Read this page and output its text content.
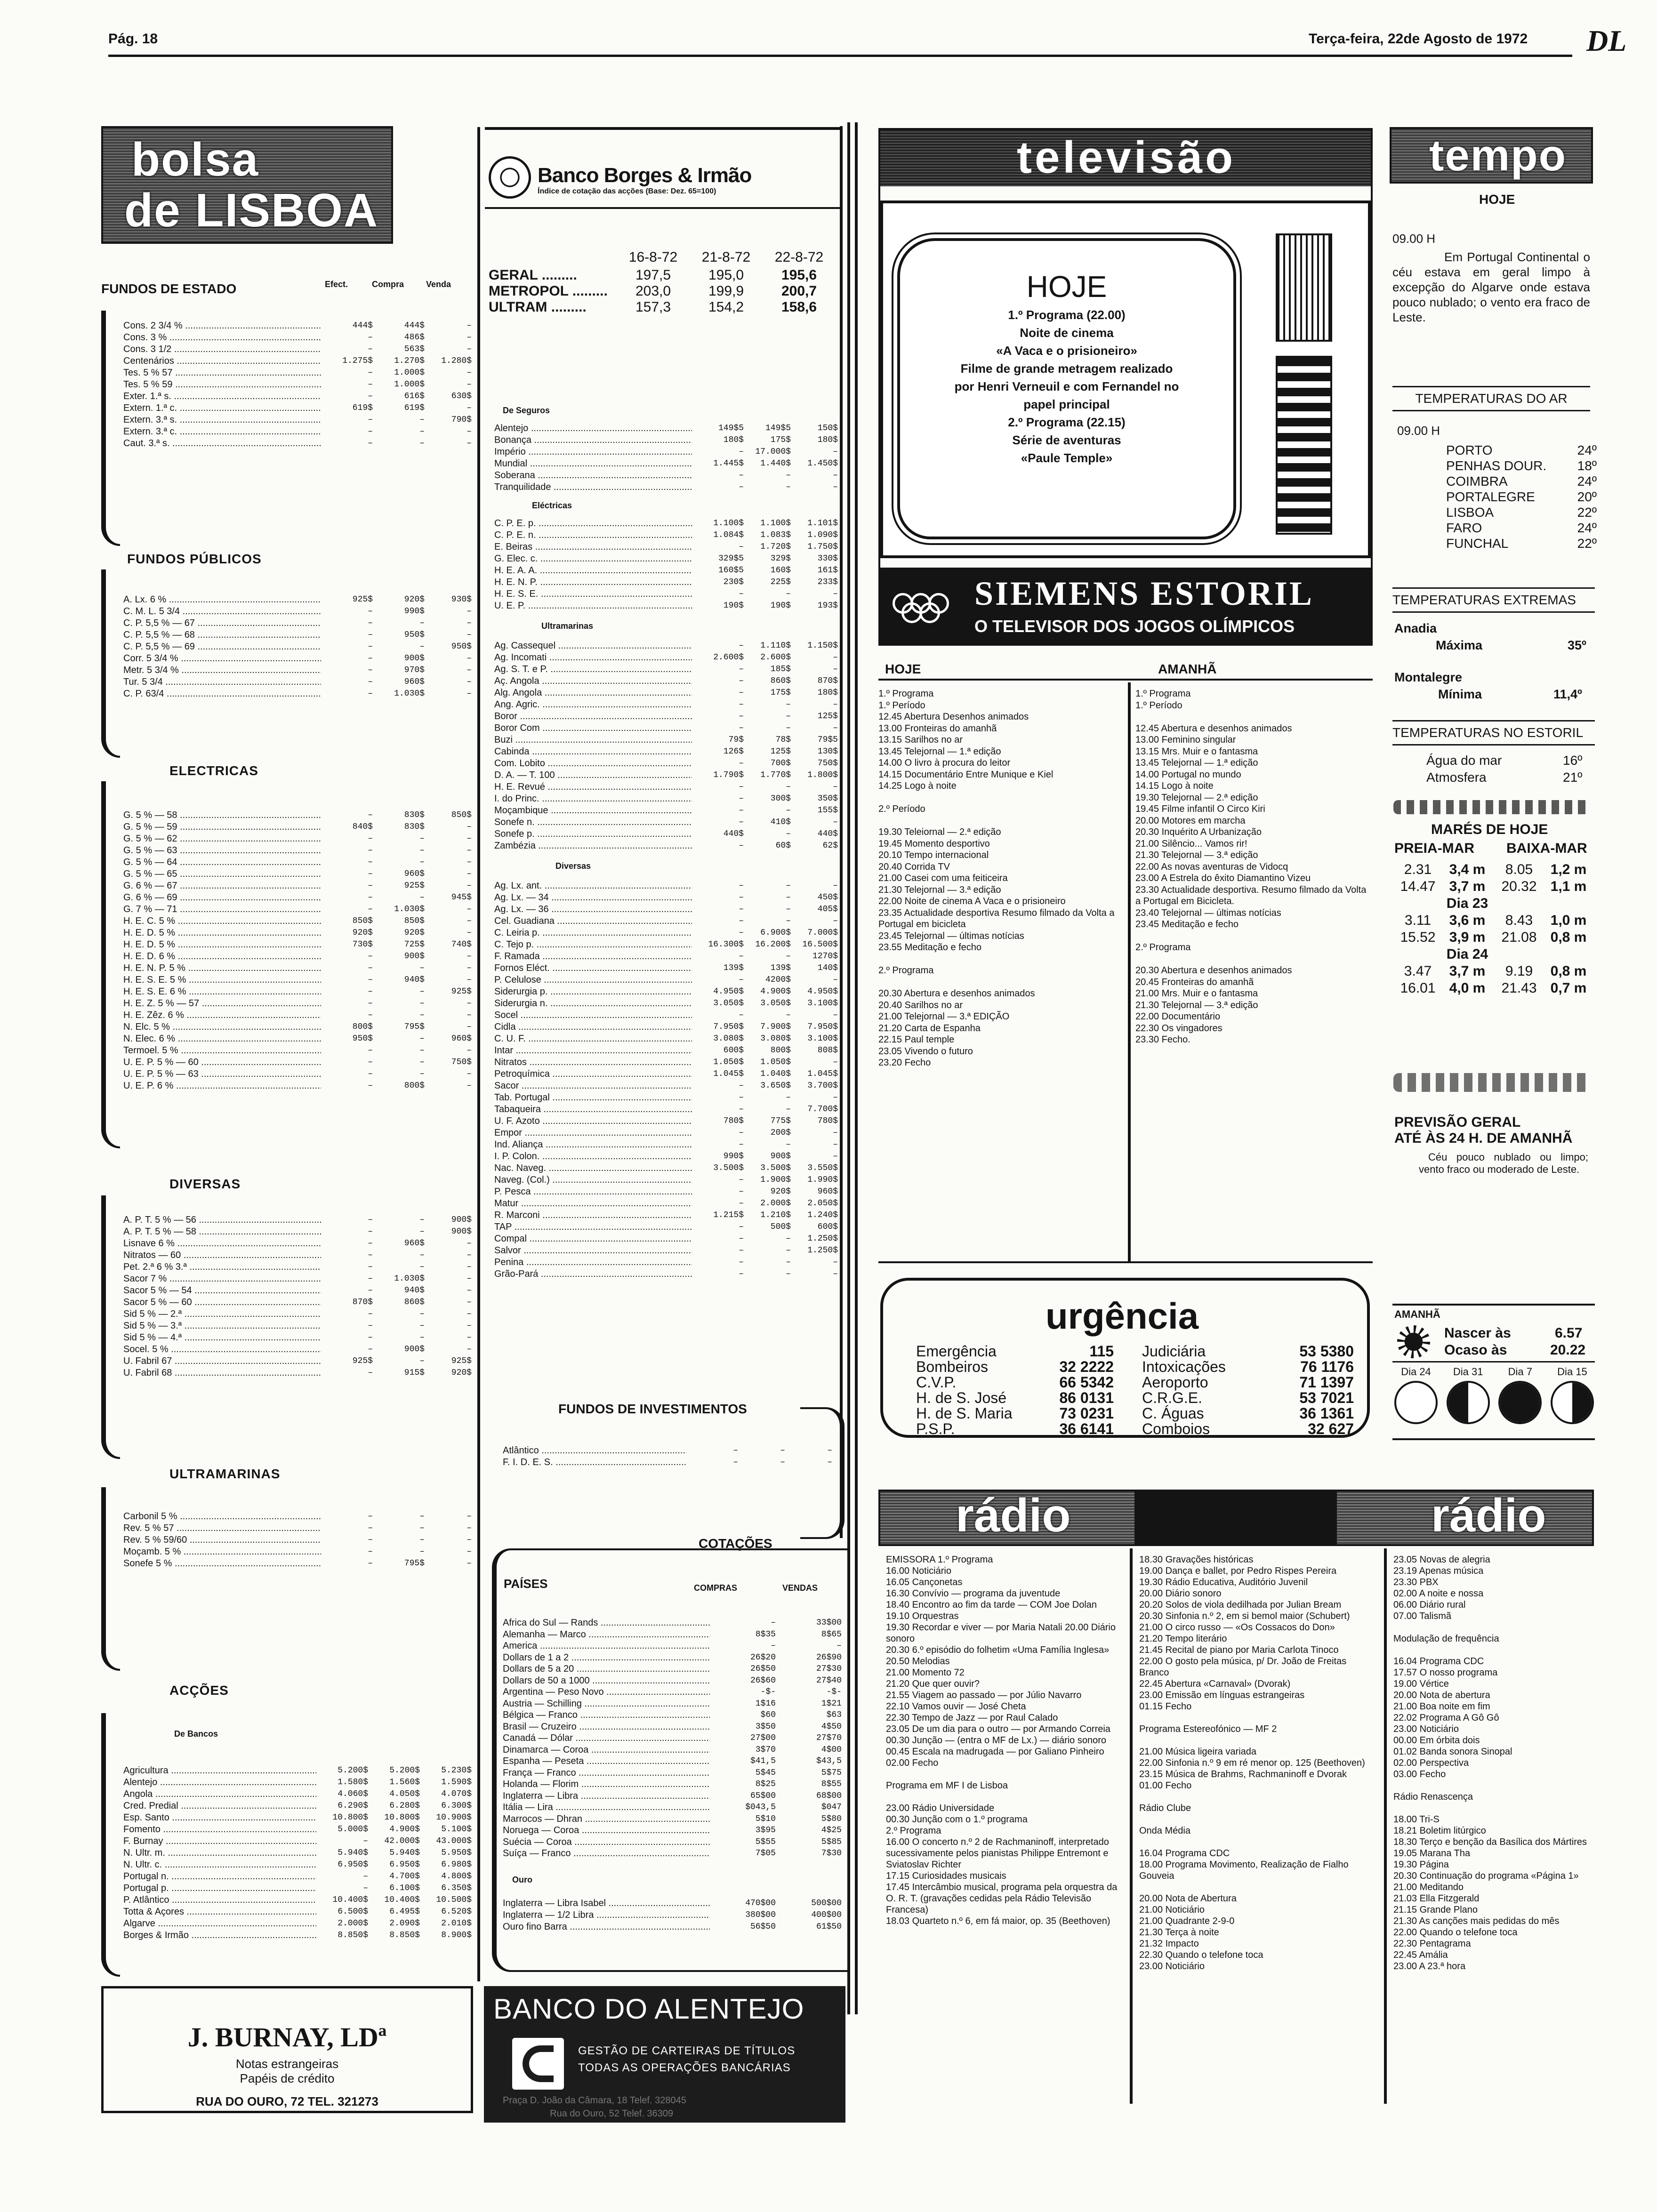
Pág. 18	Terça-feira, 22de Agosto de 1972 DL
bolsa
de LISBOA
FUNDOS DE ESTADO	Efect.	Compra	Venda
Cons. 2 3/4 % .....	444$	444$	–
Cons. 3 % .....	–	486$	–
Cons. 3 1/2 .....	–	563$	–
Centenários .....	1.275$	1.270$	1.280$
Tes. 5 % 57 .....	–	1.000$	–
Tes. 5 % 59 .....	–	1.000$	–
Exter. 1.ª s. .....	–	616$	630$
Extern. 1.ª c. .....	619$	619$	–
Extern. 3.ª s. .....	–	–	790$
Extern. 3.ª c. .....	–	–	–
Caut. 3.ª s. .....	–	–	–
FUNDOS PÚBLICOS
A. Lx. 6 % .....	925$	920$	930$
C. M. L. 5 3/4 .....	–	990$	–
C. P. 5,5 % — 67 .....	–	–	–
C. P. 5,5 % — 68 .....	–	950$	–
C. P. 5,5 % — 69 .....	–	–	950$
Corr. 5 3/4 % .....	–	900$	–
Metr. 5 3/4 % .....	–	970$	–
Tur. 5 3/4 .....	–	960$	–
C. P. 63/4 .....	–	1.030$	–
ELECTRICAS
G. 5 % — 58 .....	–	830$	850$
G. 5 % — 59 .....	840$	830$	–
G. 5 % — 62 .....	–	–	–
G. 5 % — 63 .....	–	–	–
G. 5 % — 64 .....	–	–	–
G. 5 % — 65 .....	–	960$	–
G. 6 % — 67 .....	–	925$	–
G. 6 % — 69 .....	–	–	945$
G. 7 % — 71 .....	–	1.030$	–
H. E. C. 5 % .....	850$	850$	–
H. E. D. 5 % .....	920$	920$	–
H. E. D. 5 % .....	730$	725$	740$
H. E. D. 6 % .....	–	900$	–
H. E. N. P. 5 % .....	–	–	–
H. E. S. E. 5 % .....	–	940$	–
H. E. S. E. 6 % .....	–	–	925$
H. E. Z. 5 % — 57 .....	–	–	–
H. E. Zêz. 6 % .....	–	–	–
N. Elc. 5 % .....	800$	795$	–
N. Elec. 6 % .....	950$	–	960$
Termoel. 5 % .....	–	–	–
U. E. P. 5 % — 60 .....	–	–	750$
U. E. P. 5 % — 63 .....	–	–	–
U. E. P. 6 % .....	–	800$	–
DIVERSAS
A. P. T. 5 % — 56 .....	–	–	900$
A. P. T. 5 % — 58 .....	–	–	900$
Lisnave 6 % .....	–	960$	–
Nitratos — 60 .....	–	–	–
Pet. 2.ª 6 % 3.ª .....	–	–	–
Sacor 7 % .....	–	1.030$	–
Sacor 5 % — 54 .....	–	940$	–
Sacor 5 % — 60 .....	870$	860$	–
Sid 5 % — 2.ª .....	–	–	–
Sid 5 % — 3.ª .....	–	–	–
Sid 5 % — 4.ª .....	–	–	–
Socel. 5 % .....	–	900$	–
U. Fabril 67 .....	925$	–	925$
U. Fabril 68 .....	–	915$	920$
ULTRAMARINAS
Carbonil 5 % .....	–	–	–
Rev. 5 % 57 .....	–	–	–
Rev. 5 % 59/60 .....	–	–	–
Moçamb. 5 % .....	–	–	–
Sonefe 5 % .....	–	795$	–
ACÇÕES
De Bancos
Agricultura .....	5.200$	5.200$	5.230$
Alentejo .....	1.580$	1.560$	1.590$
Angola .....	4.060$	4.050$	4.070$
Cred. Predial .....	6.290$	6.280$	6.300$
Esp. Santo .....	10.800$	10.800$	10.900$
Fomento .....	5.000$	4.900$	5.100$
F. Burnay .....	–	42.000$	43.000$
N. Ultr. m. .....	5.940$	5.940$	5.950$
N. Ultr. c. .....	6.950$	6.950$	6.980$
Portugal n. .....	–	4.700$	4.800$
Portugal p. .....	–	6.100$	6.350$
P. Atlântico .....	10.400$	10.400$	10.500$
Totta & Açores .....	6.500$	6.495$	6.520$
Algarve .....	2.000$	2.090$	2.010$
Borges & Irmão .....	8.850$	8.850$	8.900$
Banco Borges & Irmão
Índice de cotação das acções (Base: Dez. 65=100)
16-8-72	21-8-72	22-8-72
GERAL .........	197,5	195,0	195,6
METROPOL .........	203,0	199,9	200,7
ULTRAM .........	157,3	154,2	158,6
De Seguros
Alentejo .....	149$5	149$5	150$
Bonança .....	180$	175$	180$
Império .....	–	17.000$	–
Mundial .....	1.445$	1.440$	1.450$
Soberana .....	–	–	–
Tranquilidade .....	–	–	–
Eléctricas
C. P. E. p. .....	1.100$	1.100$	1.101$
C. P. E. n. .....	1.084$	1.083$	1.090$
E. Beiras .....	–	1.720$	1.750$
G. Elec. c. .....	329$5	329$	330$
H. E. A. A. .....	160$5	160$	161$
H. E. N. P. .....	230$	225$	233$
H. E. S. E. .....	–	–	–
U. E. P. .....	190$	190$	193$
Ultramarinas
Ag. Cassequel .....	–	1.110$	1.150$
Ag. Incomati .....	2.600$	2.600$	–
Ag. S. T. e P. .....	–	185$	–
Aç. Angola .....	–	860$	870$
Alg. Angola .....	–	175$	180$
Ang. Agric. .....	–	–	–
Boror .....	–	–	125$
Boror Com .....	–	–	–
Buzi .....	79$	78$	79$5
Cabinda .....	126$	125$	130$
Com. Lobito .....	–	700$	750$
D. A. — T. 100 .....	1.790$	1.770$	1.800$
H. E. Revué .....	–	–	–
I. do Princ. .....	–	300$	350$
Moçambique .....	–	–	155$
Sonefe n. .....	–	410$	–
Sonefe p. .....	440$	–	440$
Zambézia .....	–	60$	62$
Diversas
Ag. Lx. ant. .....	–	–	–
Ag. Lx. — 34 .....	–	–	450$
Ag. Lx. — 36 .....	–	–	405$
Cel. Guadiana .....	–	–	–
C. Leiria p. .....	–	6.900$	7.000$
C. Tejo p. .....	16.300$	16.200$	16.500$
F. Ramada .....	–	–	1270$
Fornos Eléct. .....	139$	139$	140$
P. Celulose .....	–	4200$	–
Siderurgia p. .....	4.950$	4.900$	4.950$
Siderurgia n. .....	3.050$	3.050$	3.100$
Socel .....	–	–	–
Cidla .....	7.950$	7.900$	7.950$
C. U. F. .....	3.080$	3.080$	3.100$
Intar .....	600$	800$	808$
Nitratos .....	1.050$	1.050$	–
Petroquímica .....	1.045$	1.040$	1.045$
Sacor .....	–	3.650$	3.700$
Tab. Portugal .....	–	–	–
Tabaqueira .....	–	–	7.700$
U. F. Azoto .....	780$	775$	780$
Empor .....	–	200$	–
Ind. Aliança .....	–	–	–
I. P. Colon. .....	990$	900$	–
Nac. Naveg. .....	3.500$	3.500$	3.550$
Naveg. (Col.) .....	–	1.900$	1.990$
P. Pesca .....	–	920$	960$
Matur .....	–	2.000$	2.050$
R. Marconi .....	1.215$	1.210$	1.240$
TAP .....	–	500$	600$
Compal .....	–	–	1.250$
Salvor .....	–	–	1.250$
Penina .....	–	–	–
Grão-Pará .....	–	–	–
FUNDOS DE INVESTIMENTOS
Atlântico .....	–	–	–
F. I. D. E. S. .....	–	–	–
COTAÇÕES
PAÍSES	COMPRAS	VENDAS
Africa do Sul — Rands .....	–	33$00
Alemanha — Marco .....	8$35	8$65
America .....	–	–
Dollars de 1 a 2 .....	26$20	26$90
Dollars de 5 a 20 .....	26$50	27$30
Dollars de 50 a 1000 .....	26$60	27$40
Argentina — Peso Novo .....	-$-	-$-
Austria — Schilling .....	1$16	1$21
Bélgica — Franco .....	$60	$63
Brasil — Cruzeiro .....	3$50	4$50
Canadá — Dólar .....	27$00	27$70
Dinamarca — Coroa .....	3$70	4$00
Espanha — Peseta .....	$41,5	$43,5
França — Franco .....	5$45	5$75
Holanda — Florim .....	8$25	8$55
Inglaterra — Libra .....	65$00	68$00
Itália — Lira .....	$043,5	$047
Marrocos — Dhran .....	5$10	5$80
Noruega — Coroa .....	3$95	4$25
Suécia — Coroa .....	5$55	5$85
Suíça — Franco .....	7$05	7$30
Ouro
Inglaterra — Libra Isabel .....	470$00	500$00
Inglaterra — 1/2 Libra .....	380$00	400$00
Ouro fino Barra .....	56$50	61$50
J. BURNAY, LDª
Notas estrangeiras
Papéis de crédito
RUA DO OURO, 72 TEL. 321273
BANCO DO ALENTEJO
GESTÃO DE CARTEIRAS DE TÍTULOS
TODAS AS OPERAÇÕES BANCÁRIAS
Praça D. João da Câmara, 18 Telef. 328045
Rua do Ouro, 52 Telef. 36309
televisão
HOJE
1.º Programa (22.00)
Noite de cinema
«A Vaca e o prisioneiro»
Filme de grande metragem realizado
por Henri Verneuil e com Fernandel no
papel principal
2.º Programa (22.15)
Série de aventuras
«Paule Temple»
SIEMENS ESTORIL
O TELEVISOR DOS JOGOS OLÍMPICOS
HOJE	AMANHÃ
1.º Programa
1.º Período
12.45 Abertura Desenhos animados
13.00 Fronteiras do amanhã
13.15 Sarilhos no ar
13.45 Telejornal — 1.ª edição
14.00 O livro à procura do leitor
14.15 Documentário Entre Munique e Kiel
14.25 Logo à noite

2.º Período

19.30 Teleiornal — 2.ª edição
19.45 Momento desportivo
20.10 Tempo internacional
20.40 Corrida TV
21.00 Casei com uma feiticeira
21.30 Telejornal — 3.ª edição
22.00 Noite de cinema A Vaca e o prisioneiro
23.35 Actualidade desportiva Resumo filmado da Volta a Portugal em bicicleta
23.45 Telejornal — últimas notícias
23.55 Meditação e fecho

2.º Programa

20.30 Abertura e desenhos animados
20.40 Sarilhos no ar
21.00 Telejornal — 3.ª EDIÇÃO
21.20 Carta de Espanha
22.15 Paul temple
23.05 Vivendo o futuro
23.20 Fecho
1.º Programa
1.º Período

12.45 Abertura e desenhos animados
13.00 Feminino singular
13.15 Mrs. Muir e o fantasma
13.45 Telejornal — 1.ª edição
14.00 Portugal no mundo
14.15 Logo à noite
19.30 Telejornal — 2.ª edição
19.45 Filme infantil O Circo Kiri
20.00 Motores em marcha
20.30 Inquérito A Urbanização
21.00 Silêncio... Vamos rir!
21.30 Telejornal — 3.ª edição
22.00 As novas aventuras de Vidocq
23.00 A Estrela do êxito Diamantino Vizeu
23.30 Actualidade desportiva. Resumo filmado da Volta a Portugal em Bicicleta.
23.40 Telejornal — últimas notícias
23.45 Meditação e fecho

2.º Programa

20.30 Abertura e desenhos animados
20.45 Fronteiras do amanhã
21.00 Mrs. Muir e o fantasma
21.30 Telejornal — 3.ª edição
22.00 Documentário
22.30 Os vingadores
23.30 Fecho.
urgência
Emergência	115
Bombeiros	32 2222
C.V.P.	66 5342
H. de S. José	86 0131
H. de S. Maria	73 0231
P.S.P.	36 6141
Judiciária	53 5380
Intoxicações	76 1176
Aeroporto	71 1397
C.R.G.E.	53 7021
C. Águas	36 1361
Comboios	32 627
tempo
HOJE
09.00 H
Em Portugal Continental o céu estava em geral limpo à excepção do Algarve onde estava pouco nublado; o vento era fraco de Leste.
TEMPERATURAS DO AR
09.00 H
PORTO	24º
PENHAS DOUR.	18º
COIMBRA	24º
PORTALEGRE	20º
LISBOA	22º
FARO	24º
FUNCHAL	22º
TEMPERATURAS EXTREMAS
Anadia
Máxima	35º
Montalegre
Mínima	11,4º
TEMPERATURAS NO ESTORIL
Água do mar	16º
Atmosfera	21º
MARÉS DE HOJE
PREIA-MAR BAIXA-MAR
2.31	3,4 m	8.05	1,2 m
14.47 3,7 m	20.32 1,1 m
Dia 23
3.11	3,6 m	8.43	1,0 m
15.52 3,9 m	21.08 0,8 m
Dia 24
3.47	3,7 m	9.19	0,8 m
16.01 4,0 m	21.43 0,7 m
PREVISÃO GERAL
ATÉ ÀS 24 H. DE AMANHÃ
Céu pouco nublado ou limpo; vento fraco ou moderado de Leste.
AMANHÃ
Nascer às	6.57
Ocaso às	20.22
Dia 24	Dia 31	Dia 7	Dia 15
rádio	rádio
EMISSORA 1.º Programa
16.00 Noticiário
16.05 Cançonetas
16.30 Convívio — programa da juventude
18.40 Encontro ao fim da tarde — COM Joe Dolan
19.10 Orquestras
19.30 Recordar e viver — por Maria Natali 20.00 Diário sonoro
20.30 6.º episódio do folhetim «Uma Família Inglesa»
20.50 Melodias
21.00 Momento 72
21.20 Que quer ouvir?
21.55 Viagem ao passado — por Júlio Navarro
22.10 Vamos ouvir — José Cheta
22.30 Tempo de Jazz — por Raul Calado
23.05 De um dia para o outro — por Armando Correia
00.30 Junção — (entra o MF de Lx.) — diário sonoro
00.45 Escala na madrugada — por Galiano Pinheiro
02.00 Fecho

Programa em MF I de Lisboa

23.00 Rádio Universidade
00.30 Junção com o 1.º programa
2.º Programa
16.00 O concerto n.º 2 de Rachmaninoff, interpretado sucessivamente pelos pianistas Philippe Entremont e Sviatoslav Richter
17.15 Curiosidades musicais
17.45 Intercâmbio musical, programa pela orquestra da O. R. T. (gravações cedidas pela Rádio Televisão Francesa)
18.03 Quarteto n.º 6, em fá maior, op. 35 (Beethoven)
18.30 Gravações históricas
19.00 Dança e ballet, por Pedro Rispes Pereira
19.30 Rádio Educativa, Auditório Juvenil
20.00 Diário sonoro
20.20 Solos de viola dedilhada por Julian Bream
20.30 Sinfonia n.º 2, em si bemol maior (Schubert)
21.00 O circo russo — «Os Cossacos do Don»
21.20 Tempo literário
21.45 Recital de piano por Maria Carlota Tinoco
22.00 O gosto pela música, p/ Dr. João de Freitas Branco
22.45 Abertura «Carnaval» (Dvorak)
23.00 Emissão em línguas estrangeiras
01.15 Fecho

Programa Estereofónico — MF 2

21.00 Música ligeira variada
22.00 Sinfonia n.º 9 em ré menor op. 125 (Beethoven)
23.15 Música de Brahms, Rachmaninoff e Dvorak
01.00 Fecho

Rádio Clube

Onda Média

16.04 Programa CDC
18.00 Programa Movimento, Realização de Fialho Gouveia

20.00 Nota de Abertura
21.00 Noticiário
21.00 Quadrante 2-9-0
21.30 Terça à noite
21.32 Impacto
22.30 Quando o telefone toca
23.00 Noticiário
23.05 Novas de alegria
23.19 Apenas música
23.30 PBX
02.00 A noite e nossa
06.00 Diário rural
07.00 Talismã

Modulação de frequência

16.04 Programa CDC
17.57 O nosso programa
19.00 Vértice
20.00 Nota de abertura
21.00 Boa noite em fim
22.02 Programa A Gô Gô
23.00 Noticiário
00.00 Em órbita dois
01.02 Banda sonora Sinopal
02.00 Perspectiva
03.00 Fecho

Rádio Renascença

18.00 Tri-S
18.21 Boletim litúrgico
18.30 Terço e benção da Basílica dos Mártires
19.05 Marana Tha
19.30 Página
20.30 Continuação do programa «Página 1»
21.00 Meditando
21.03 Ella Fitzgerald
21.15 Grande Plano
21.30 As canções mais pedidas do mês
22.00 Quando o telefone toca
22.30 Pentagrama
22.45 Amália
23.00 A 23.ª hora
